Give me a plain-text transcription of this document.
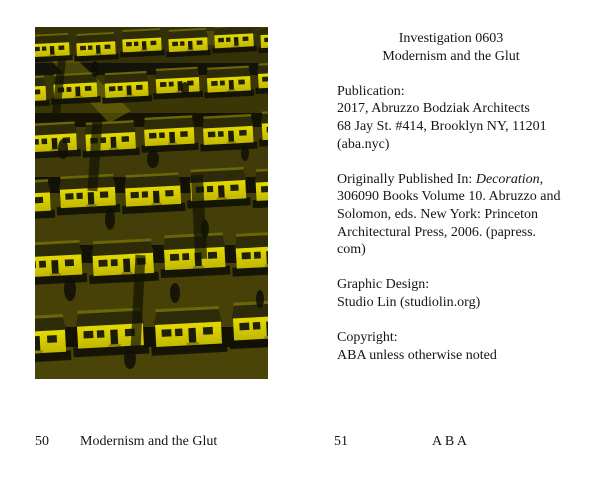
Investigation 0603
Modernism and the Glut

Publication:
2017, Abruzzo Bodziak Architects
68 Jay St. #414, Brooklyn NY, 11201
(aba.nyc)

Originally Published In: Decoration,
306090 Books Volume 10. Abruzzo and
Solomon, eds. New York: Princeton
Architectural Press, 2006. (papress.
com)

Graphic Design:
Studio Lin (studiolin.org)

Copyright:
ABA unless otherwise noted

50 Modernism and the Glut	51	A B A
